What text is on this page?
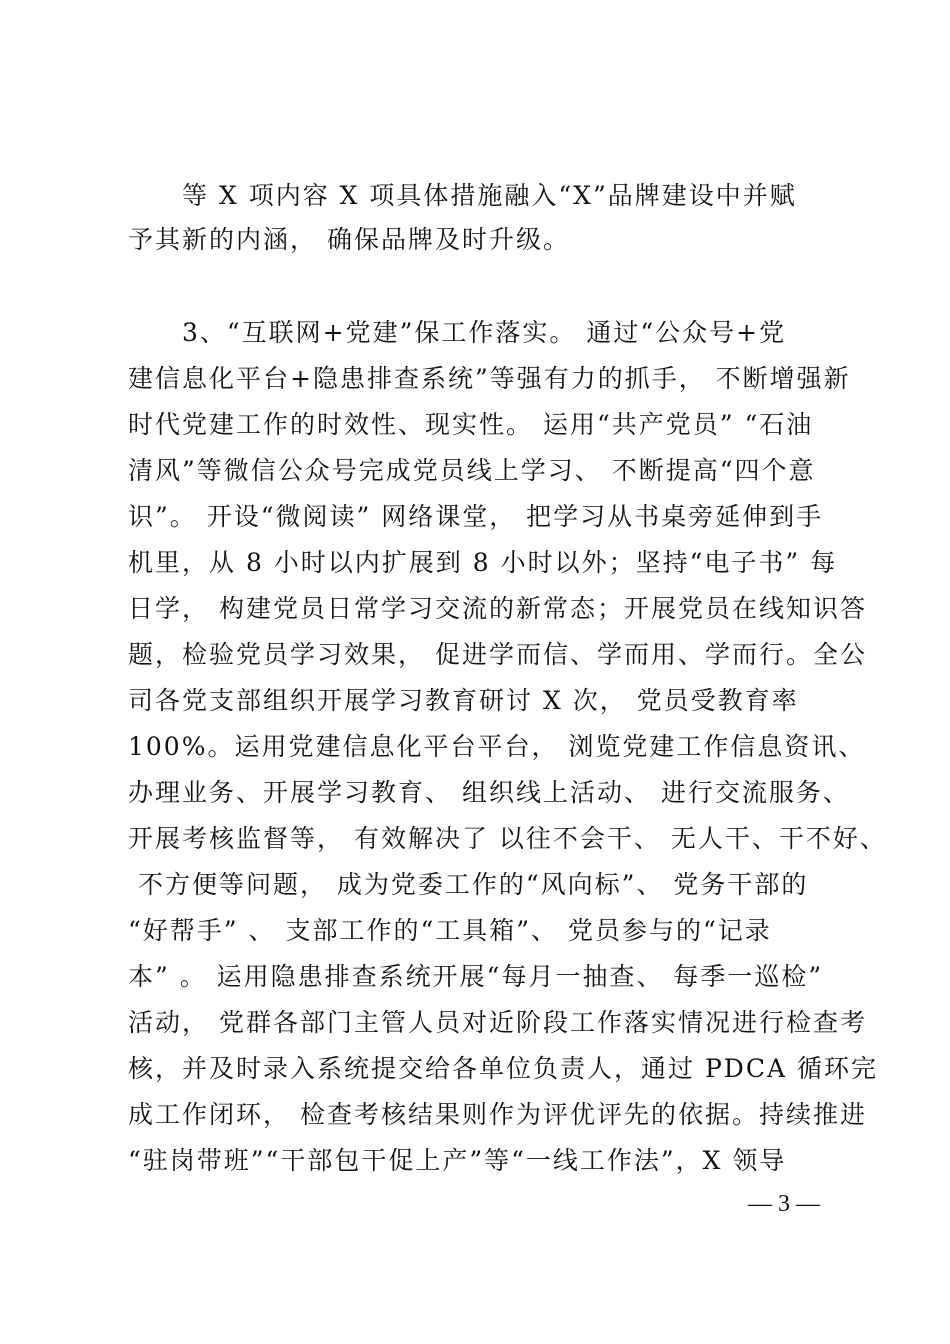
　　等 X 项内容 X 项具体措施融入“X”品牌建设中并赋
予其新的内涵， 确保品牌及时升级。
　　3、“互联网+党建”保工作落实。 通过“公众号+党
建信息化平台+隐患排查系统”等强有力的抓手， 不断增强新
时代党建工作的时效性、现实性。 运用“共产党员” “石油
清风”等微信公众号完成党员线上学习、 不断提高“四个意
识”。 开设“微阅读” 网络课堂， 把学习从书桌旁延伸到手
机里，从 8 小时以内扩展到 8 小时以外；坚持“电子书” 每
日学， 构建党员日常学习交流的新常态；开展党员在线知识答
题，检验党员学习效果， 促进学而信、学而用、学而行。全公
司各党支部组织开展学习教育研讨 X 次， 党员受教育率
100%。运用党建信息化平台平台， 浏览党建工作信息资讯、
办理业务、开展学习教育、 组织线上活动、 进行交流服务、
开展考核监督等， 有效解决了 以往不会干、 无人干、干不好、
不方便等问题， 成为党委工作的“风向标”、 党务干部的
“好帮手” 、 支部工作的“工具箱”、 党员参与的“记录
本” 。 运用隐患排查系统开展“每月一抽查、 每季一巡检”
活动， 党群各部门主管人员对近阶段工作落实情况进行检查考
核，并及时录入系统提交给各单位负责人，通过 PDCA 循环完
成工作闭环， 检查考核结果则作为评优评先的依据。持续推进
“驻岗带班”“干部包干促上产”等“一线工作法”，X 领导
— 3 —
